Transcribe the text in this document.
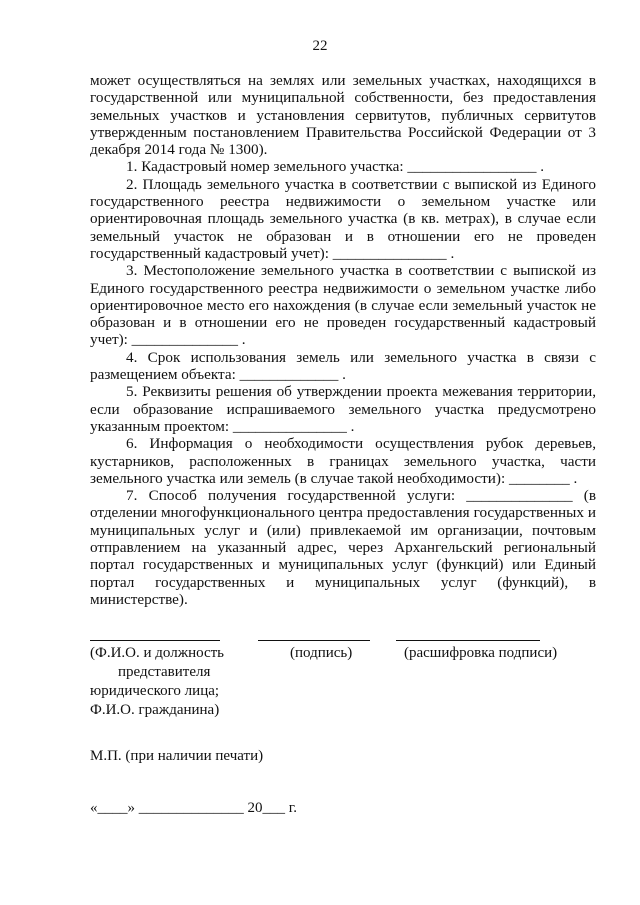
22

может осуществляться на землях или земельных участках, находящихся в государственной или муниципальной собственности, без предоставления земельных участков и установления сервитутов, публичных сервитутов утвержденным постановлением Правительства Российской Федерации от 3 декабря 2014 года № 1300).

1. Кадастровый номер земельного участка: _________________ .

2. Площадь земельного участка в соответствии с выпиской из Единого государственного реестра недвижимости о земельном участке или ориентировочная площадь земельного участка (в кв. метрах), в случае если земельный участок не образован и в отношении его не проведен государственный кадастровый учет): _______________ .

3. Местоположение земельного участка в соответствии с выпиской из Единого государственного реестра недвижимости о земельном участке либо ориентировочное место его нахождения (в случае если земельный участок не образован и в отношении его не проведен государственный кадастровый учет): ______________ .

4. Срок использования земель или земельного участка в связи с размещением объекта: _____________ .

5. Реквизиты решения об утверждении проекта межевания территории, если образование испрашиваемого земельного участка предусмотрено указанным проектом: _______________ .

6. Информация о необходимости осуществления рубок деревьев, кустарников, расположенных в границах земельного участка, части земельного участка или земель (в случае такой необходимости): ________ .

7. Способ получения государственной услуги: ______________ (в отделении многофункционального центра предоставления государственных и муниципальных услуг и (или) привлекаемой им организации, почтовым отправлением на указанный адрес, через Архангельский региональный портал государственных и муниципальных услуг (функций) или Единый портал государственных и муниципальных услуг (функций), в министерстве).

(Ф.И.О. и должность
представителя
юридического лица;
Ф.И.О. гражданина)
(подпись)	(расшифровка подписи)
М.П. (при наличии печати)
«____» ______________ 20___ г.
